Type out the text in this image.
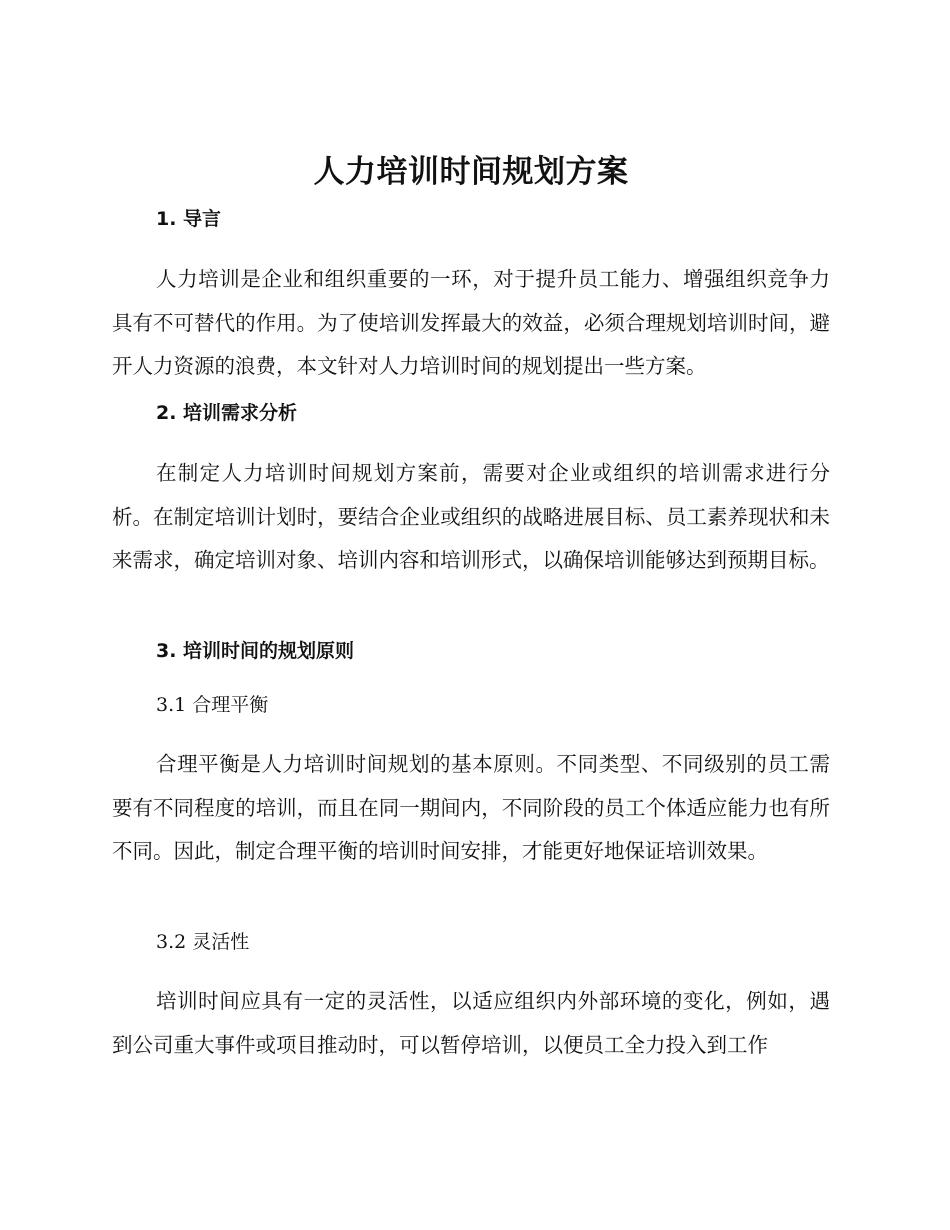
人力培训时间规划方案

1. 导言

人力培训是企业和组织重要的一环，对于提升员工能力、增强组织竞争力具有不可替代的作用。为了使培训发挥最大的效益，必须合理规划培训时间，避开人力资源的浪费，本文针对人力培训时间的规划提出一些方案。

2. 培训需求分析

在制定人力培训时间规划方案前，需要对企业或组织的培训需求进行分析。在制定培训计划时，要结合企业或组织的战略进展目标、员工素养现状和未来需求，确定培训对象、培训内容和培训形式，以确保培训能够达到预期目标。

3. 培训时间的规划原则

3.1 合理平衡

合理平衡是人力培训时间规划的基本原则。不同类型、不同级别的员工需要有不同程度的培训，而且在同一期间内，不同阶段的员工个体适应能力也有所不同。因此，制定合理平衡的培训时间安排，才能更好地保证培训效果。

3.2 灵活性

培训时间应具有一定的灵活性，以适应组织内外部环境的变化，例如，遇到公司重大事件或项目推动时，可以暂停培训，以便员工全力投入到工作
